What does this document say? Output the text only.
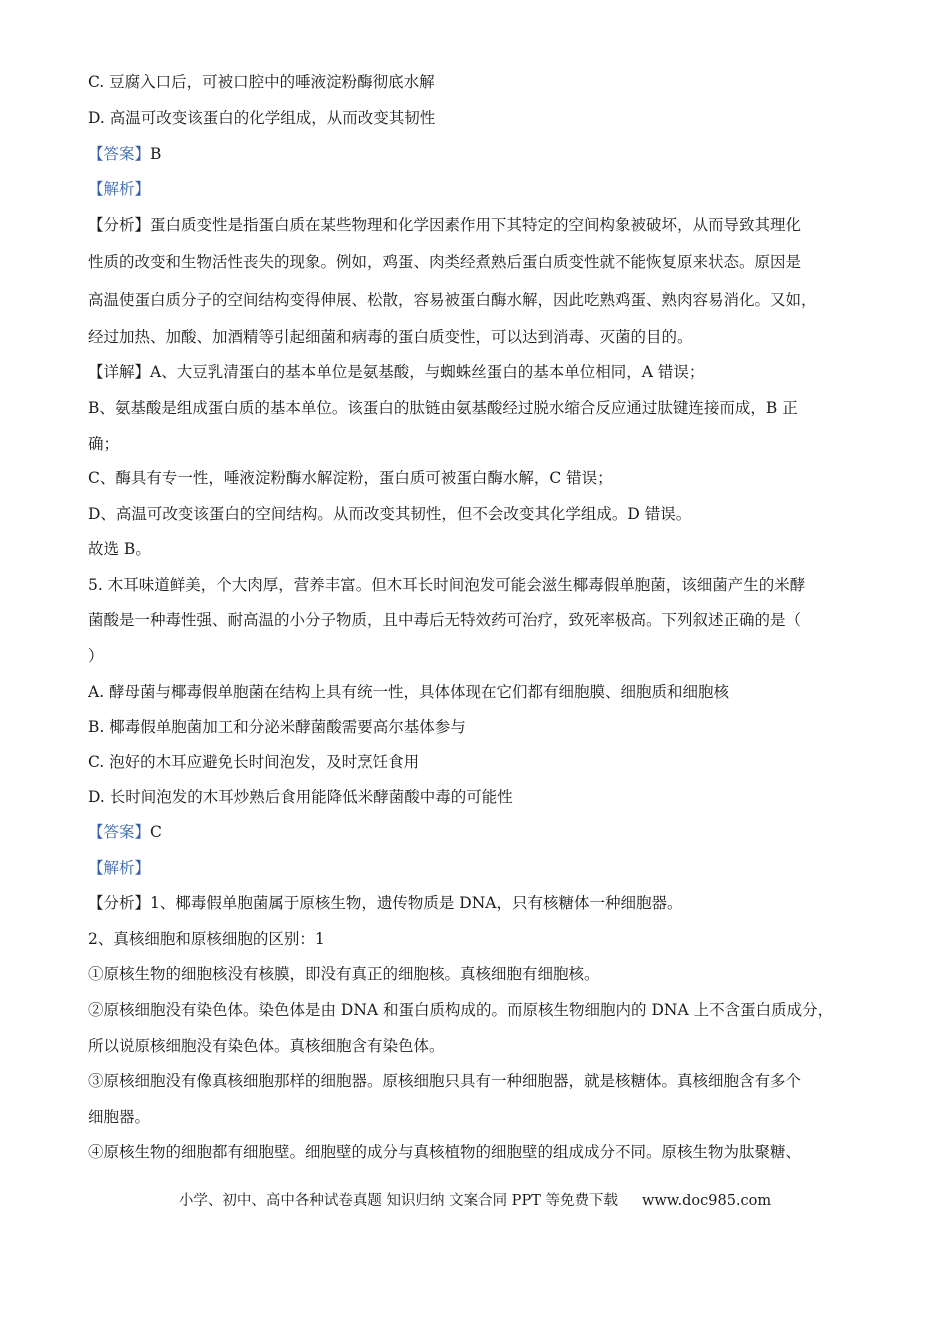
C. 豆腐入口后，可被口腔中的唾液淀粉酶彻底水解
D. 高温可改变该蛋白的化学组成，从而改变其韧性
【答案】B
【解析】
【分析】蛋白质变性是指蛋白质在某些物理和化学因素作用下其特定的空间构象被破坏，从而导致其理化
性质的改变和生物活性丧失的现象。例如，鸡蛋、肉类经煮熟后蛋白质变性就不能恢复原来状态。原因是
高温使蛋白质分子的空间结构变得伸展、松散，容易被蛋白酶水解，因此吃熟鸡蛋、熟肉容易消化。又如，
经过加热、加酸、加酒精等引起细菌和病毒的蛋白质变性，可以达到消毒、灭菌的目的。
【详解】A、大豆乳清蛋白的基本单位是氨基酸，与蜘蛛丝蛋白的基本单位相同，A 错误；
B、氨基酸是组成蛋白质的基本单位。该蛋白的肽链由氨基酸经过脱水缩合反应通过肽键连接而成，B 正
确；
C、酶具有专一性，唾液淀粉酶水解淀粉，蛋白质可被蛋白酶水解，C 错误；
D、高温可改变该蛋白的空间结构。从而改变其韧性，但不会改变其化学组成。D 错误。
故选 B。
5. 木耳味道鲜美，个大肉厚，营养丰富。但木耳长时间泡发可能会滋生椰毒假单胞菌，该细菌产生的米酵
菌酸是一种毒性强、耐高温的小分子物质，且中毒后无特效药可治疗，致死率极高。下列叙述正确的是（
）
A. 酵母菌与椰毒假单胞菌在结构上具有统一性，具体体现在它们都有细胞膜、细胞质和细胞核
B. 椰毒假单胞菌加工和分泌米酵菌酸需要高尔基体参与
C. 泡好的木耳应避免长时间泡发，及时烹饪食用
D. 长时间泡发的木耳炒熟后食用能降低米酵菌酸中毒的可能性
【答案】C
【解析】
【分析】1、椰毒假单胞菌属于原核生物，遗传物质是 DNA，只有核糖体一种细胞器。
2、真核细胞和原核细胞的区别：1
①原核生物的细胞核没有核膜，即没有真正的细胞核。真核细胞有细胞核。
②原核细胞没有染色体。染色体是由 DNA 和蛋白质构成的。而原核生物细胞内的 DNA 上不含蛋白质成分，
所以说原核细胞没有染色体。真核细胞含有染色体。
③原核细胞没有像真核细胞那样的细胞器。原核细胞只具有一种细胞器，就是核糖体。真核细胞含有多个
细胞器。
④原核生物的细胞都有细胞壁。细胞壁的成分与真核植物的细胞壁的组成成分不同。原核生物为肽聚糖、
小学、初中、高中各种试卷真题 知识归纳 文案合同 PPT 等免费下载 www.doc985.com
